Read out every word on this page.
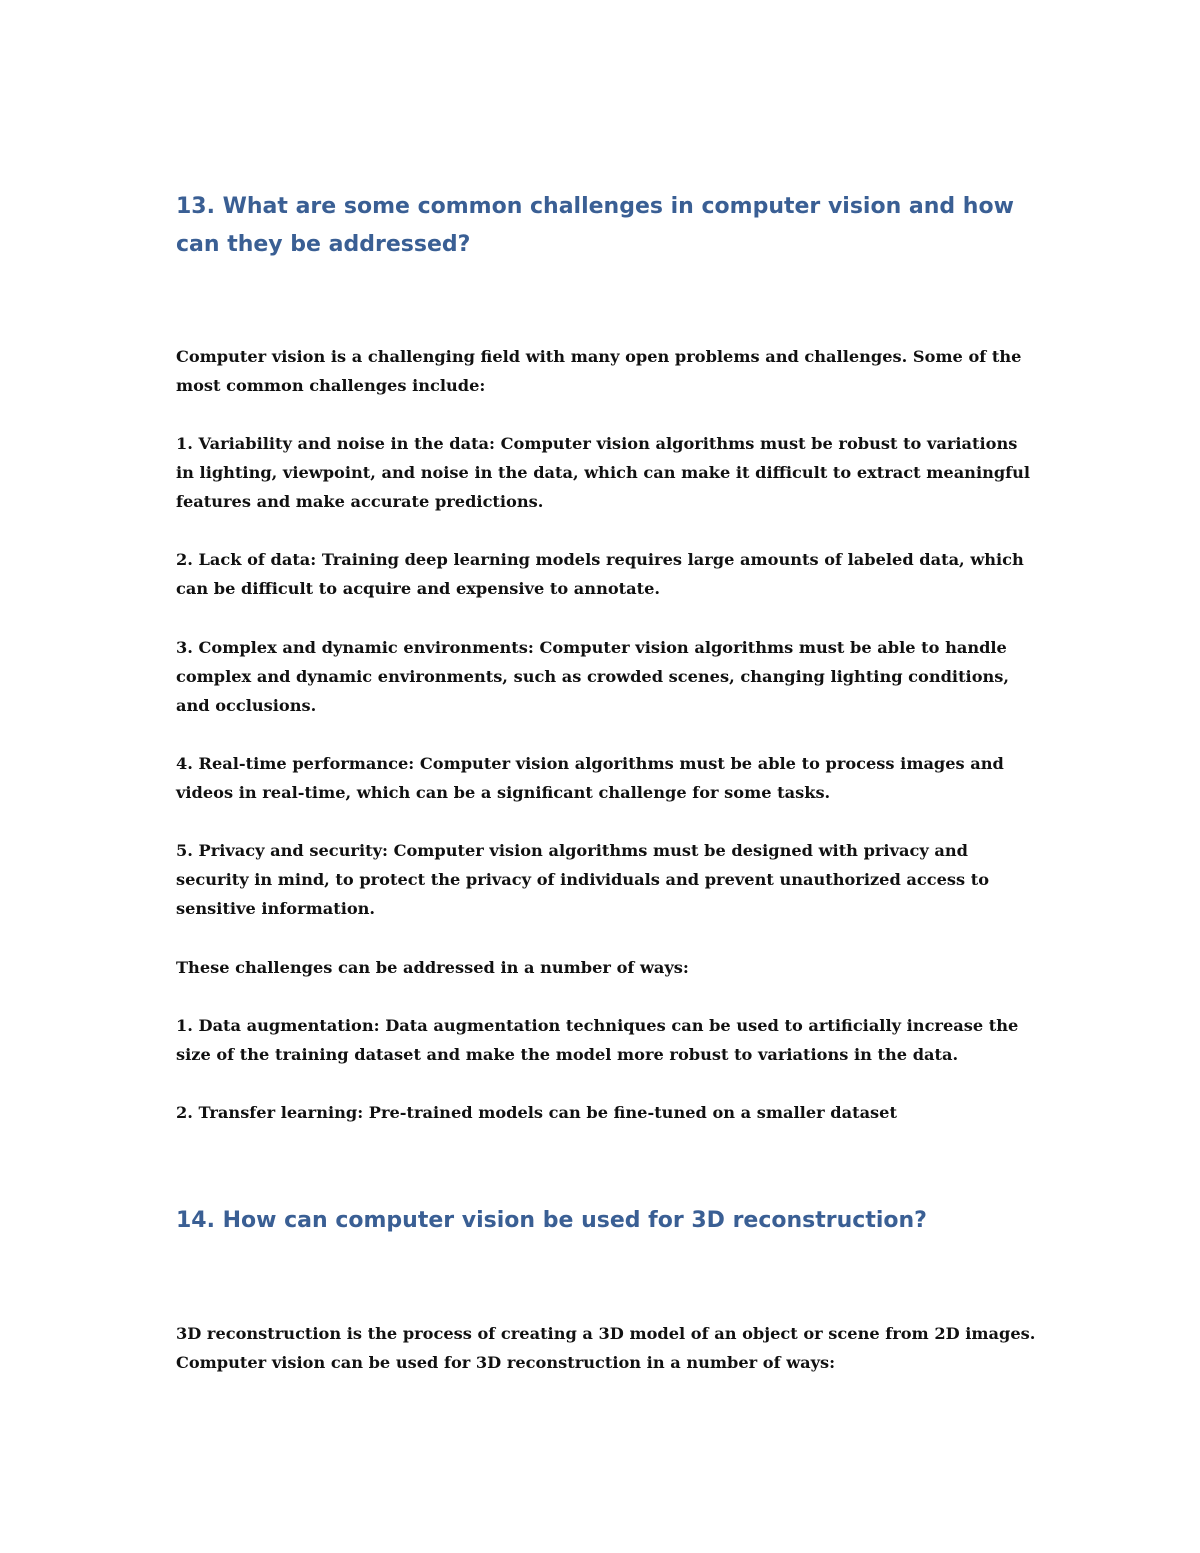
13. What are some common challenges in computer vision and how can they be addressed?

Computer vision is a challenging field with many open problems and challenges. Some of the most common challenges include:

1. Variability and noise in the data: Computer vision algorithms must be robust to variations in lighting, viewpoint, and noise in the data, which can make it difficult to extract meaningful features and make accurate predictions.

2. Lack of data: Training deep learning models requires large amounts of labeled data, which can be difficult to acquire and expensive to annotate.

3. Complex and dynamic environments: Computer vision algorithms must be able to handle complex and dynamic environments, such as crowded scenes, changing lighting conditions, and occlusions.

4. Real-time performance: Computer vision algorithms must be able to process images and videos in real-time, which can be a significant challenge for some tasks.

5. Privacy and security: Computer vision algorithms must be designed with privacy and security in mind, to protect the privacy of individuals and prevent unauthorized access to sensitive information.

These challenges can be addressed in a number of ways:

1. Data augmentation: Data augmentation techniques can be used to artificially increase the size of the training dataset and make the model more robust to variations in the data.

2. Transfer learning: Pre-trained models can be fine-tuned on a smaller dataset

14. How can computer vision be used for 3D reconstruction?

3D reconstruction is the process of creating a 3D model of an object or scene from 2D images. Computer vision can be used for 3D reconstruction in a number of ways:
